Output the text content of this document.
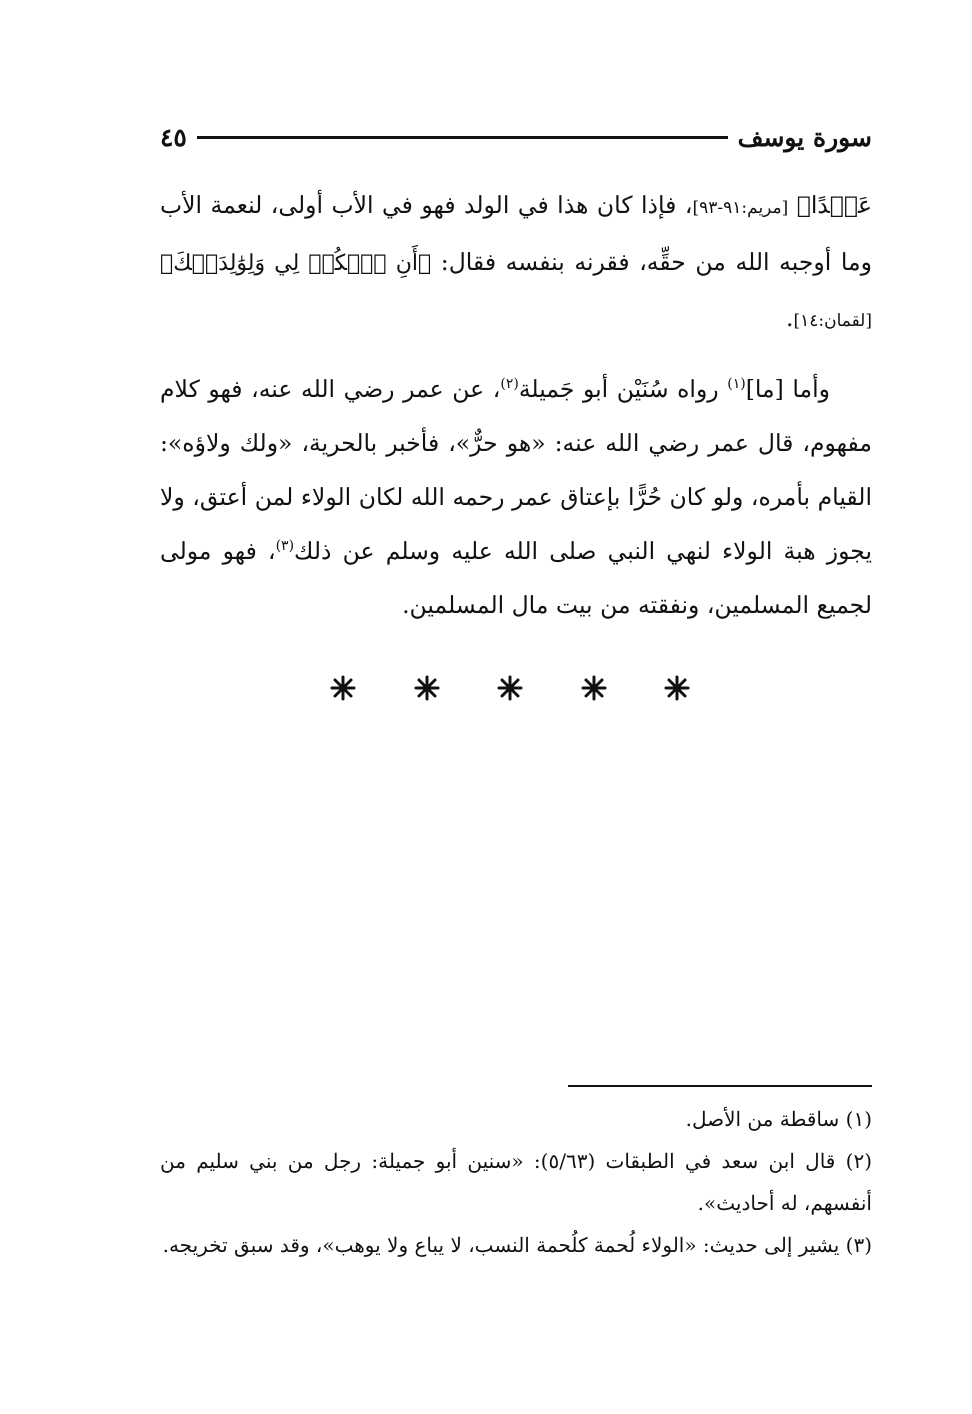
سورة يوسف
٤٥

عَبۡدًا﴾ [مريم:٩١-٩٣]، فإذا كان هذا في الولد فهو في الأب أولى، لنعمة الأب وما أوجبه الله من حقِّه، فقرنه بنفسه فقال: ﴿أَنِ ٱشۡكُرۡ لِي وَلِوَٰلِدَيۡكَ﴾ [لقمان:١٤].

وأما [ما]$^{(١)}$ رواه سُنَيْن أبو جَميلة$^{(٢)}$، عن عمر رضي الله عنه، فهو كلام مفهوم، قال عمر رضي الله عنه: «هو حرٌّ»، فأخبر بالحرية، «ولك ولاؤه»: القيام بأمره، ولو كان حُرًّا بإعتاق عمر رحمه الله لكان الولاء لمن أعتق، ولا يجوز هبة الولاء لنهي النبي صلى الله عليه وسلم عن ذلك$^{(٣)}$، فهو مولى لجميع المسلمين، ونفقته من بيت مال المسلمين.

(١) ساقطة من الأصل.

(٢) قال ابن سعد في الطبقات (٥/٦٣): «سنين أبو جميلة: رجل من بني سليم من أنفسهم، له أحاديث».

(٣) يشير إلى حديث: «الولاء لُحمة كلُحمة النسب، لا يباع ولا يوهب»، وقد سبق تخريجه.
